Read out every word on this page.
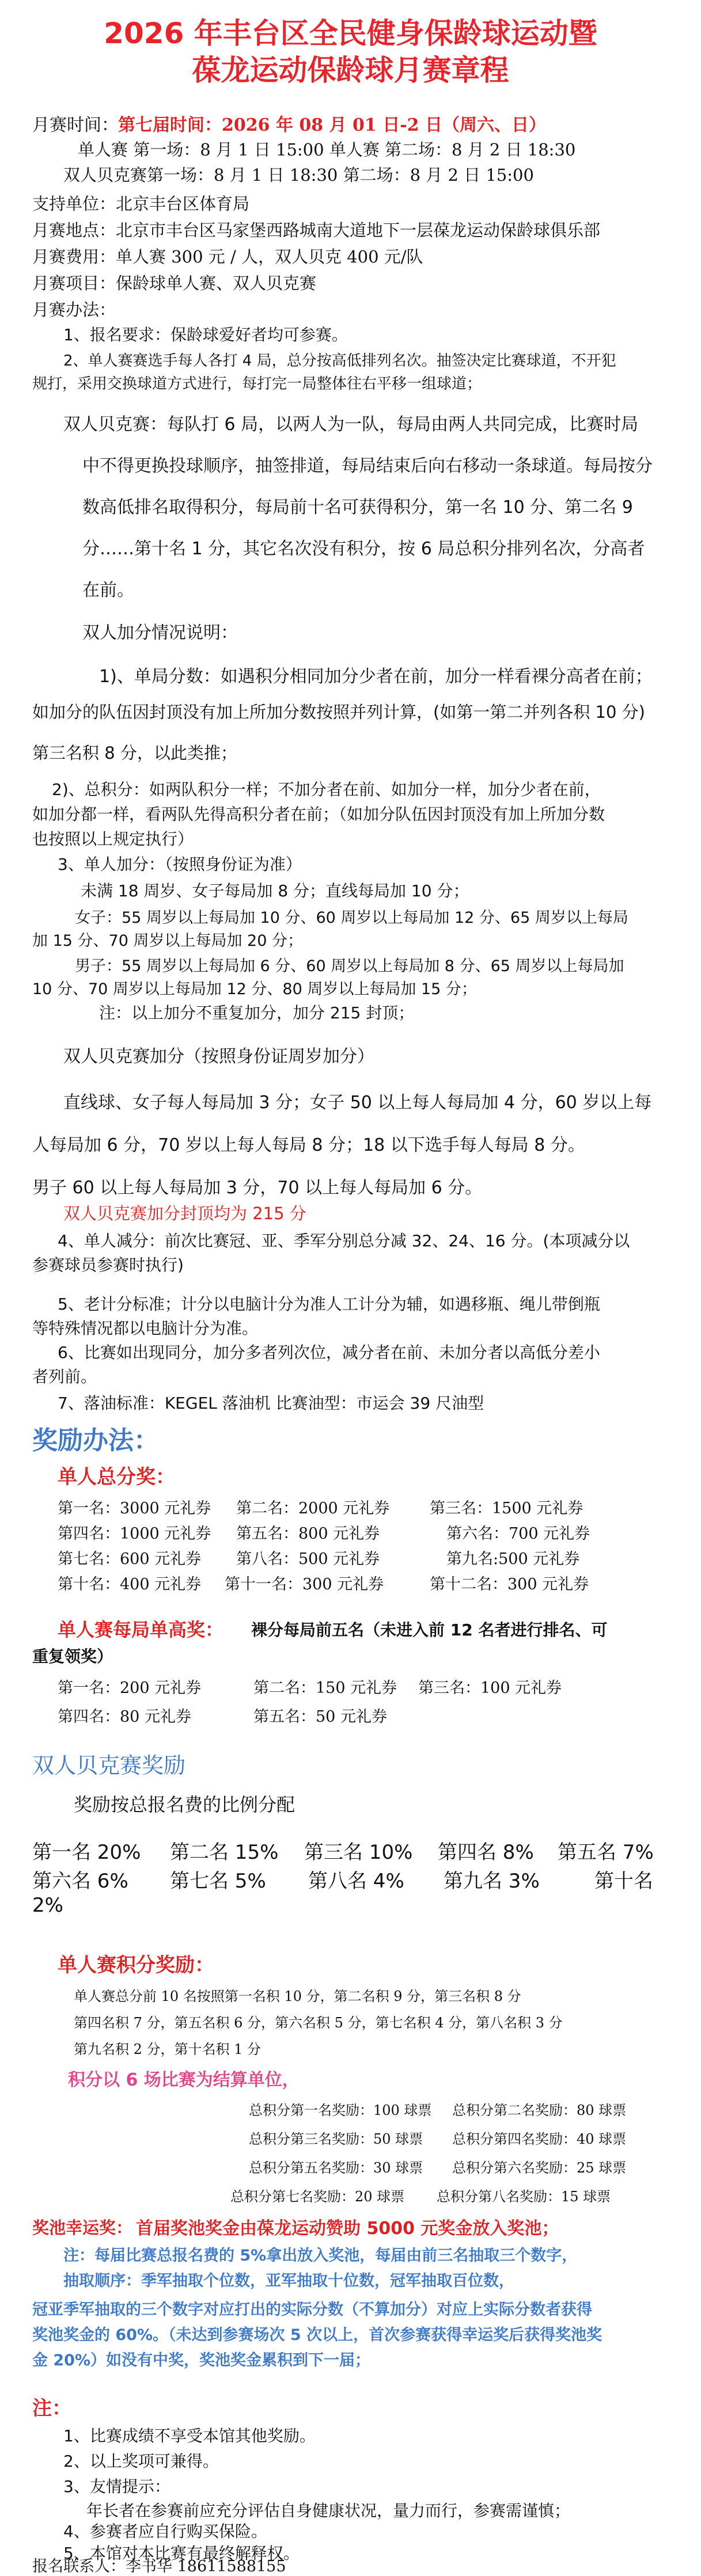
2026 年丰台区全民健身保龄球运动暨
葆龙运动保龄球月赛章程
月赛时间： 第七届时间：2026 年 08 月 01 日-2 日（周六、日）
单人赛 第一场：8 月 1 日 15:00 单人赛 第二场：8 月 2 日 18:30
双人贝克赛第一场：8 月 1 日 18:30 第二场：8 月 2 日 15:00
支持单位：北京丰台区体育局
月赛地点：北京市丰台区马家堡西路城南大道地下一层葆龙运动保龄球俱乐部
月赛费用：单人赛 300 元 / 人，双人贝克 400 元/队
月赛项目：保龄球单人赛、双人贝克赛
月赛办法：
1、报名要求：保龄球爱好者均可参赛。
2、单人赛赛选手每人各打 4 局，总分按高低排列名次。抽签决定比赛球道，不开犯
规打，采用交换球道方式进行，每打完一局整体往右平移一组球道；
双人贝克赛：每队打 6 局，以两人为一队，每局由两人共同完成，比赛时局
中不得更换投球顺序，抽签排道，每局结束后向右移动一条球道。每局按分
数高低排名取得积分，每局前十名可获得积分，第一名 10 分、第二名 9
分……第十名 1 分，其它名次没有积分，按 6 局总积分排列名次，分高者
在前。
双人加分情况说明：
1)、单局分数：如遇积分相同加分少者在前，加分一样看裸分高者在前；
如加分的队伍因封顶没有加上所加分数按照并列计算，(如第一第二并列各积 10 分)
第三名积 8 分，以此类推；
2)、总积分：如两队积分一样；不加分者在前、如加分一样，加分少者在前，
如加分都一样，看两队先得高积分者在前；（如加分队伍因封顶没有加上所加分数
也按照以上规定执行）
3、单人加分：（按照身份证为准）
未满 18 周岁、女子每局加 8 分；直线每局加 10 分；
女子：55 周岁以上每局加 10 分、60 周岁以上每局加 12 分、65 周岁以上每局
加 15 分、70 周岁以上每局加 20 分；
男子：55 周岁以上每局加 6 分、60 周岁以上每局加 8 分、65 周岁以上每局加
10 分、70 周岁以上每局加 12 分、80 周岁以上每局加 15 分；
注：以上加分不重复加分，加分 215 封顶；
双人贝克赛加分（按照身份证周岁加分）
直线球、女子每人每局加 3 分；女子 50 以上每人每局加 4 分，60 岁以上每
人每局加 6 分，70 岁以上每人每局 8 分；18 以下选手每人每局 8 分。
男子 60 以上每人每局加 3 分，70 以上每人每局加 6 分。
双人贝克赛加分封顶均为 215 分
4、单人减分：前次比赛冠、亚、季军分别总分减 32、24、16 分。(本项减分以
参赛球员参赛时执行)
5、老计分标准；计分以电脑计分为准人工计分为辅，如遇移瓶、绳儿带倒瓶
等特殊情况都以电脑计分为准。
6、比赛如出现同分，加分多者列次位，减分者在前、未加分者以高低分差小
者列前。
7、落油标准：KEGEL 落油机 比赛油型：市运会 39 尺油型
奖励办法：
单人总分奖：
第一名：3000 元礼券 第二名：2000 元礼券	第三名：1500 元礼券
第四名：1000 元礼券 第五名：800 元礼券	第六名：700 元礼券
第七名：600 元礼券 第八名：500 元礼券	第九名:500 元礼券
第十名：400 元礼券 第十一名：300 元礼券	第十二名：300 元礼券
单人赛每局单高奖： 裸分每局前五名（未进入前 12 名者进行排名、可
重复领奖）
第一名：200 元礼券	第二名：150 元礼券 第三名：100 元礼券
第四名：80 元礼券	第五名：50 元礼券
双人贝克赛奖励
奖励按总报名费的比例分配
第一名 20% 第二名 15% 第三名 10% 第四名 8% 第五名 7%
第六名 6% 第七名 5% 第八名 4% 第九名 3%	第十名
2%
单人赛积分奖励：
单人赛总分前 10 名按照第一名积 10 分，第二名积 9 分，第三名积 8 分
第四名积 7 分，第五名积 6 分，第六名积 5 分，第七名积 4 分，第八名积 3 分
第九名积 2 分，第十名积 1 分
积分以 6 场比赛为结算单位，
总积分第一名奖励：100 球票 总积分第二名奖励：80 球票
总积分第三名奖励：50 球票 总积分第四名奖励：40 球票
总积分第五名奖励：30 球票 总积分第六名奖励：25 球票
总积分第七名奖励：20 球票 总积分第八名奖励：15 球票
奖池幸运奖： 首届奖池奖金由葆龙运动赞助 5000 元奖金放入奖池；
注：每届比赛总报名费的 5%拿出放入奖池，每届由前三名抽取三个数字，
抽取顺序：季军抽取个位数，亚军抽取十位数，冠军抽取百位数，
冠亚季军抽取的三个数字对应打出的实际分数（不算加分）对应上实际分数者获得
奖池奖金的 60%。（未达到参赛场次 5 次以上，首次参赛获得幸运奖后获得奖池奖
金 20%）如没有中奖，奖池奖金累积到下一届；
注：
1、比赛成绩不享受本馆其他奖励。
2、以上奖项可兼得。
3、友情提示：
年长者在参赛前应充分评估自身健康状况，量力而行，参赛需谨慎；
4、参赛者应自行购买保险。
5、本馆对本比赛有最终解释权。
报名联系人：李书华 18611588155
